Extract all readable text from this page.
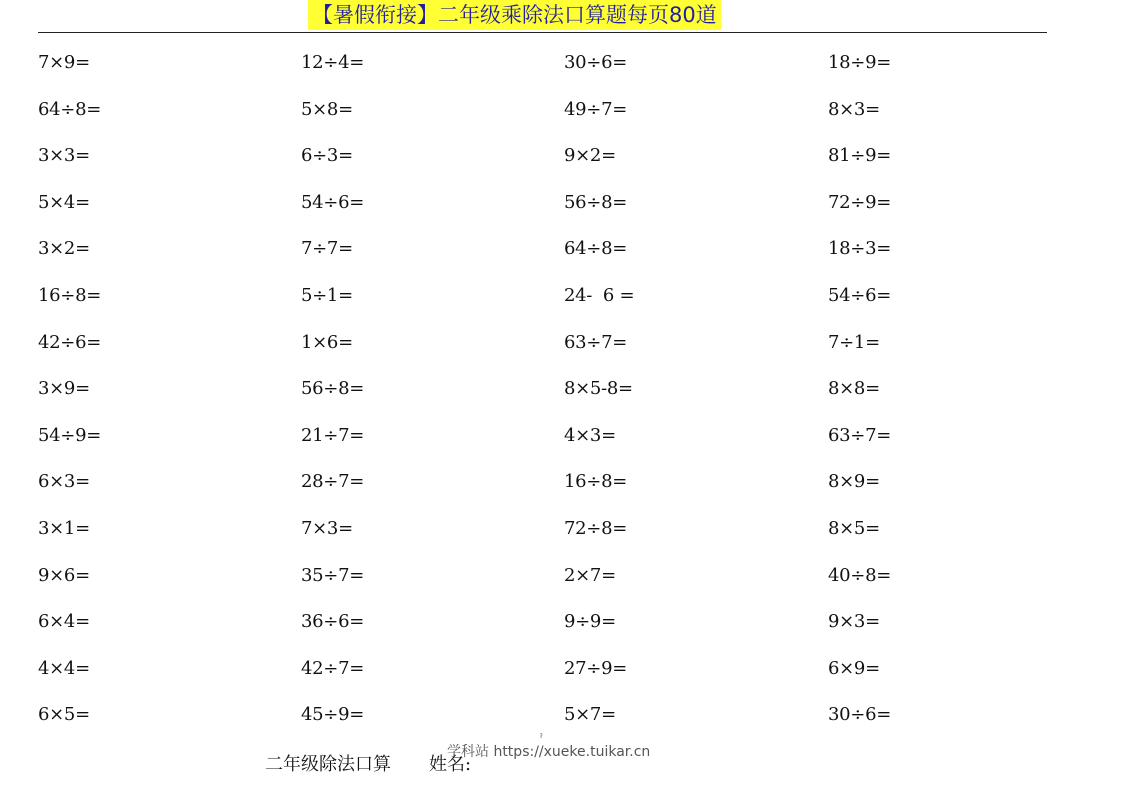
【暑假衔接】二年级乘除法口算题每页80道
7×9=	12÷4=	30÷6=	18÷9=
64÷8=	5×8=	49÷7=	8×3=
3×3=	6÷3=	9×2=	81÷9=
5×4=	54÷6=	56÷8=	72÷9=
3×2=	7÷7=	64÷8=	18÷3=
16÷8=	5÷1=	24-  6 =	54÷6=
42÷6=	1×6=	63÷7=	7÷1=
3×9=	56÷8=	8×5-8=	8×8=
54÷9=	21÷7=	4×3=	63÷7=
6×3=	28÷7=	16÷8=	8×9=
3×1=	7×3=	72÷8=	8×5=
9×6=	35÷7=	2×7=	40÷8=
6×4=	36÷6=	9÷9=	9×3=
4×4=	42÷7=	27÷9=	6×9=
6×5=	45÷9=	5×7=	30÷6=
ˀ
二年级除法口算 姓名:
学科站 https://xueke.tuikar.cn
